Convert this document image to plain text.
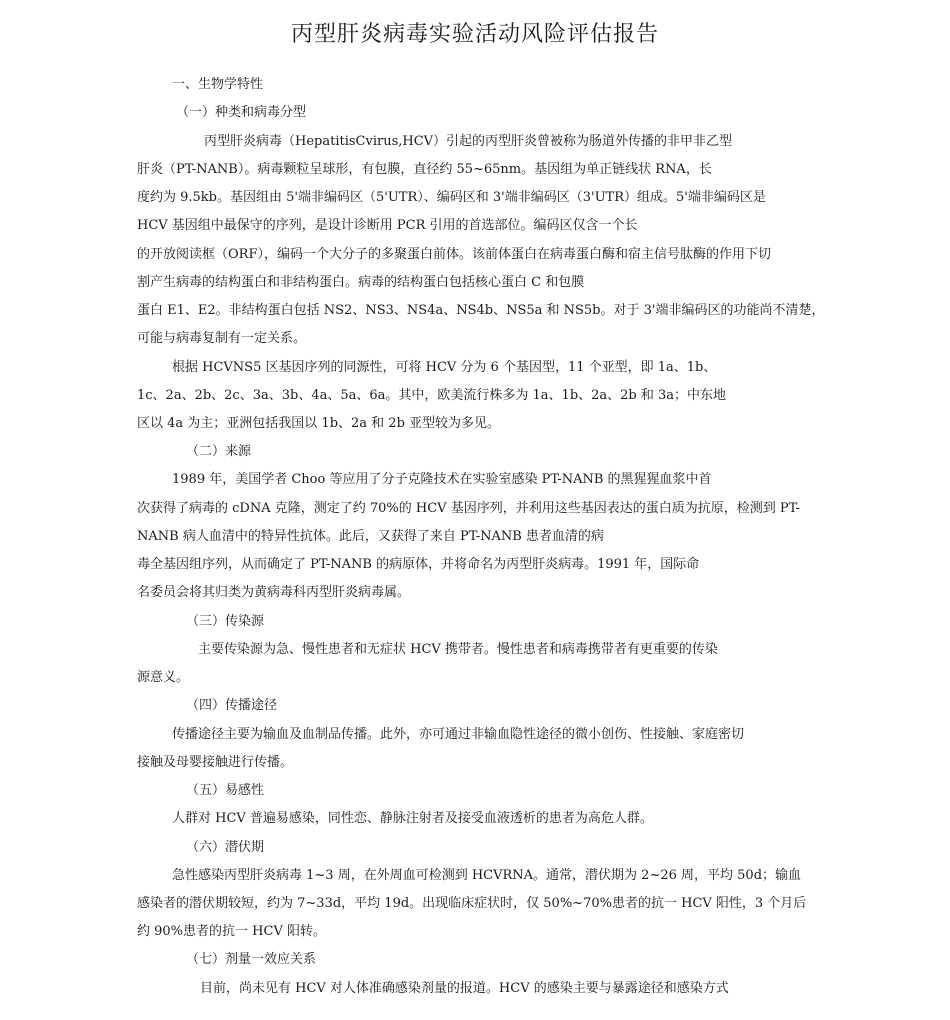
丙型肝炎病毒实验活动风险评估报告
一、生物学特性
（一）种类和病毒分型
丙型肝炎病毒（HepatitisCvirus,HCV）引起的丙型肝炎曾被称为肠道外传播的非甲非乙型
肝炎（PT-NANB）。病毒颗粒呈球形，有包膜，直径约 55~65nm。基因组为单正链线状 RNA，长
度约为 9.5kb。基因组由 5'端非编码区（5'UTR）、编码区和 3'端非编码区（3'UTR）组成。5'端非编码区是
HCV 基因组中最保守的序列，是设计诊断用 PCR 引用的首选部位。编码区仅含一个长
的开放阅读框（ORF），编码一个大分子的多聚蛋白前体。该前体蛋白在病毒蛋白酶和宿主信号肽酶的作用下切
割产生病毒的结构蛋白和非结构蛋白。病毒的结构蛋白包括核心蛋白 C 和包膜
蛋白 E1、E2。非结构蛋白包括 NS2、NS3、NS4a、NS4b、NS5a 和 NS5b。对于 3'端非编码区的功能尚不清楚，
可能与病毒复制有一定关系。
根据 HCVNS5 区基因序列的同源性，可将 HCV 分为 6 个基因型，11 个亚型，即 1a、1b、
1c、2a、2b、2c、3a、3b、4a、5a、6a。其中，欧美流行株多为 1a、1b、2a、2b 和 3a；中东地
区以 4a 为主；亚洲包括我国以 1b、2a 和 2b 亚型较为多见。
（二）来源
1989 年，美国学者 Choo 等应用了分子克隆技术在实验室感染 PT-NANB 的黑猩猩血浆中首
次获得了病毒的 cDNA 克隆，测定了约 70%的 HCV 基因序列，并利用这些基因表达的蛋白质为抗原，检测到 PT-
NANB 病人血清中的特异性抗体。此后，又获得了来自 PT-NANB 患者血清的病
毒全基因组序列，从而确定了 PT-NANB 的病原体，并将命名为丙型肝炎病毒。1991 年，国际命
名委员会将其归类为黄病毒科丙型肝炎病毒属。
（三）传染源
主要传染源为急、慢性患者和无症状 HCV 携带者。慢性患者和病毒携带者有更重要的传染
源意义。
（四）传播途径
传播途径主要为输血及血制品传播。此外，亦可通过非输血隐性途径的微小创伤、性接触、家庭密切
接触及母婴接触进行传播。
（五）易感性
人群对 HCV 普遍易感染，同性恋、静脉注射者及接受血液透析的患者为高危人群。
（六）潜伏期
急性感染丙型肝炎病毒 1~3 周，在外周血可检测到 HCVRNA。通常，潜伏期为 2~26 周，平均 50d；输血
感染者的潜伏期较短，约为 7~33d，平均 19d。出现临床症状时，仅 50%~70%患者的抗一 HCV 阳性，3 个月后
约 90%患者的抗一 HCV 阳转。
（七）剂量一效应关系
目前，尚未见有 HCV 对人体准确感染剂量的报道。HCV 的感染主要与暴露途径和感染方式
